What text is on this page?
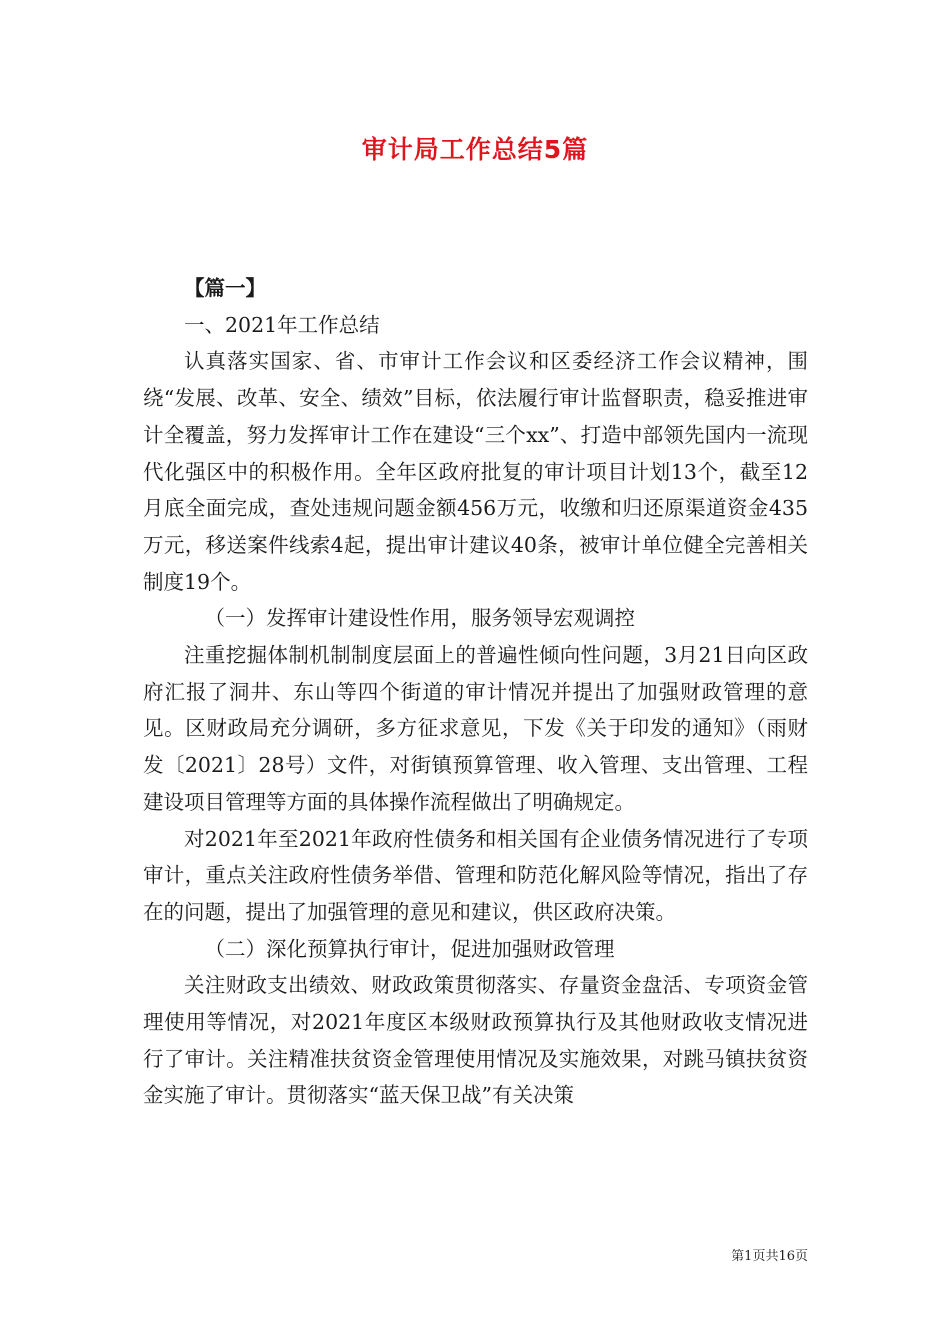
审计局工作总结5篇

【篇一】

一、2021年工作总结

认真落实国家、省、市审计工作会议和区委经济工作会议精神，围绕“发展、改革、安全、绩效”目标，依法履行审计监督职责，稳妥推进审计全覆盖，努力发挥审计工作在建设“三个xx”、打造中部领先国内一流现代化强区中的积极作用。全年区政府批复的审计项目计划13个，截至12月底全面完成，查处违规问题金额456万元，收缴和归还原渠道资金435万元，移送案件线索4起，提出审计建议40条，被审计单位健全完善相关制度19个。

（一）发挥审计建设性作用，服务领导宏观调控

注重挖掘体制机制制度层面上的普遍性倾向性问题，3月21日向区政府汇报了洞井、东山等四个街道的审计情况并提出了加强财政管理的意见。区财政局充分调研，多方征求意见，下发《关于印发的通知》（雨财发〔2021〕28号）文件，对街镇预算管理、收入管理、支出管理、工程建设项目管理等方面的具体操作流程做出了明确规定。

对2021年至2021年政府性债务和相关国有企业债务情况进行了专项审计，重点关注政府性债务举借、管理和防范化解风险等情况，指出了存在的问题，提出了加强管理的意见和建议，供区政府决策。

（二）深化预算执行审计，促进加强财政管理

关注财政支出绩效、财政政策贯彻落实、存量资金盘活、专项资金管理使用等情况，对2021年度区本级财政预算执行及其他财政收支情况进行了审计。关注精准扶贫资金管理使用情况及实施效果，对跳马镇扶贫资金实施了审计。贯彻落实“蓝天保卫战”有关决策

第1页共16页
